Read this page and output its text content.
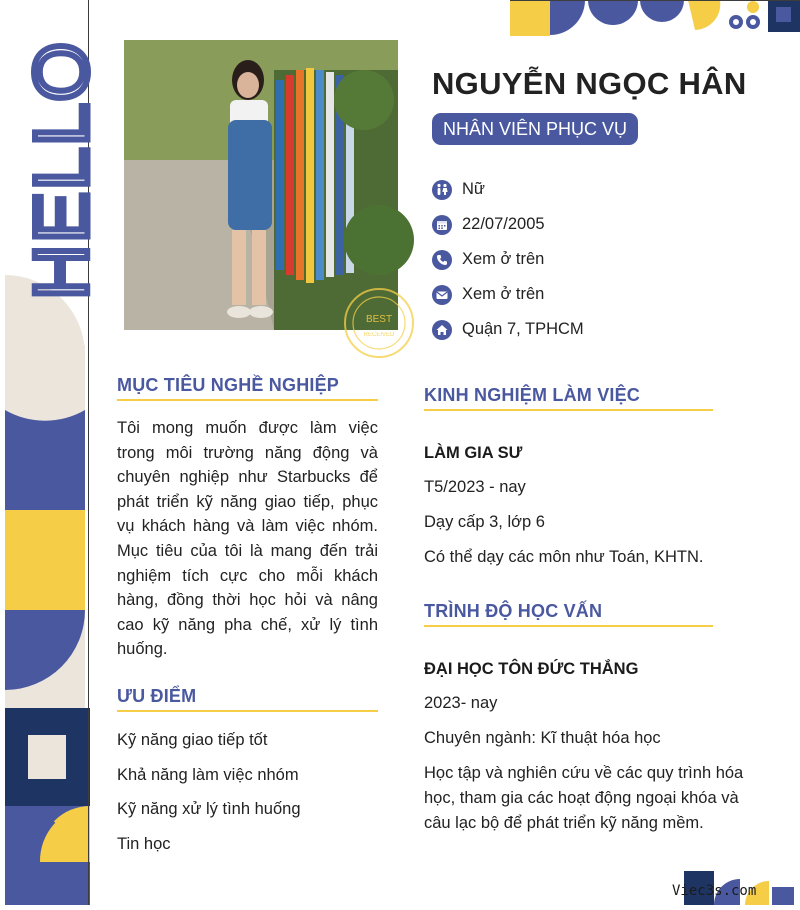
HELLO
BEST
RECEIVED
NGUYỄN NGỌC HÂN
NHÂN VIÊN PHỤC VỤ
Nữ
22/07/2005
Xem ở trên
Xem ở trên
Quận 7, TPHCM
MỤC TIÊU NGHỀ NGHIỆP

Tôi mong muốn được làm việc trong môi trường năng động và chuyên nghiệp như Starbucks để phát triển kỹ năng giao tiếp, phục vụ khách hàng và làm việc nhóm. Mục tiêu của tôi là mang đến trải nghiệm tích cực cho mỗi khách hàng, đồng thời học hỏi và nâng cao kỹ năng pha chế, xử lý tình huống.

ƯU ĐIỂM
Kỹ năng giao tiếp tốt
Khả năng làm việc nhóm
Kỹ năng xử lý tình huống
Tin học
KINH NGHIỆM LÀM VIỆC
LÀM GIA SƯ
T5/2023 - nay
Dạy cấp 3, lớp 6
Có thể dạy các môn như Toán, KHTN.
TRÌNH ĐỘ HỌC VẤN
ĐẠI HỌC TÔN ĐỨC THẮNG
2023- nay
Chuyên ngành: Kĩ thuật hóa học
Học tập và nghiên cứu về các quy trình hóa học, tham gia các hoạt động ngoại khóa và câu lạc bộ để phát triển kỹ năng mềm.
Viec3s.com
